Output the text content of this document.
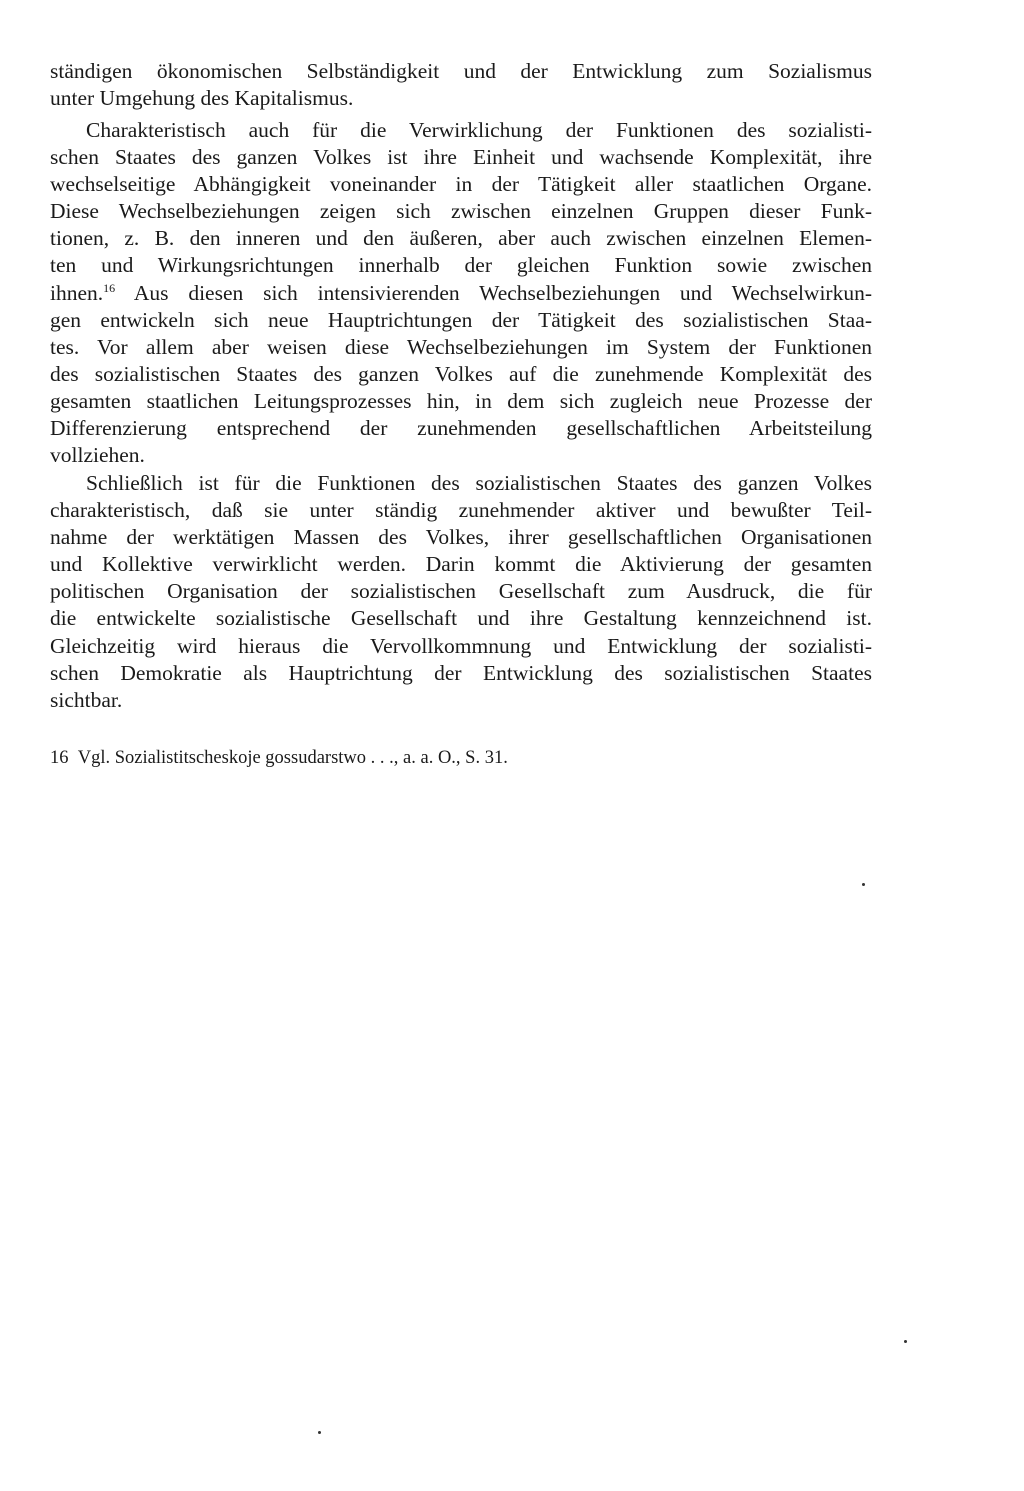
ständigen ökonomischen Selbständigkeit und der Entwicklung zum Sozialismus
unter Umgehung des Kapitalismus.
Charakteristisch auch für die Verwirklichung der Funktionen des sozialisti-
schen Staates des ganzen Volkes ist ihre Einheit und wachsende Komplexität, ihre
wechselseitige Abhängigkeit voneinander in der Tätigkeit aller staatlichen Organe.
Diese Wechselbeziehungen zeigen sich zwischen einzelnen Gruppen dieser Funk-
tionen, z. B. den inneren und den äußeren, aber auch zwischen einzelnen Elemen-
ten und Wirkungsrichtungen innerhalb der gleichen Funktion sowie zwischen
ihnen.$^{16}$ Aus diesen sich intensivierenden Wechselbeziehungen und Wechselwirkun-
gen entwickeln sich neue Hauptrichtungen der Tätigkeit des sozialistischen Staa-
tes. Vor allem aber weisen diese Wechselbeziehungen im System der Funktionen
des sozialistischen Staates des ganzen Volkes auf die zunehmende Komplexität des
gesamten staatlichen Leitungsprozesses hin, in dem sich zugleich neue Prozesse der
Differenzierung entsprechend der zunehmenden gesellschaftlichen Arbeitsteilung
vollziehen.
Schließlich ist für die Funktionen des sozialistischen Staates des ganzen Volkes
charakteristisch, daß sie unter ständig zunehmender aktiver und bewußter Teil-
nahme der werktätigen Massen des Volkes, ihrer gesellschaftlichen Organisationen
und Kollektive verwirklicht werden. Darin kommt die Aktivierung der gesamten
politischen Organisation der sozialistischen Gesellschaft zum Ausdruck, die für
die entwickelte sozialistische Gesellschaft und ihre Gestaltung kennzeichnend ist.
Gleichzeitig wird hieraus die Vervollkommnung und Entwicklung der sozialisti-
schen Demokratie als Hauptrichtung der Entwicklung des sozialistischen Staates
sichtbar.
16 Vgl. Sozialistitscheskoje gossudarstwo . . ., a. a. O., S. 31.
